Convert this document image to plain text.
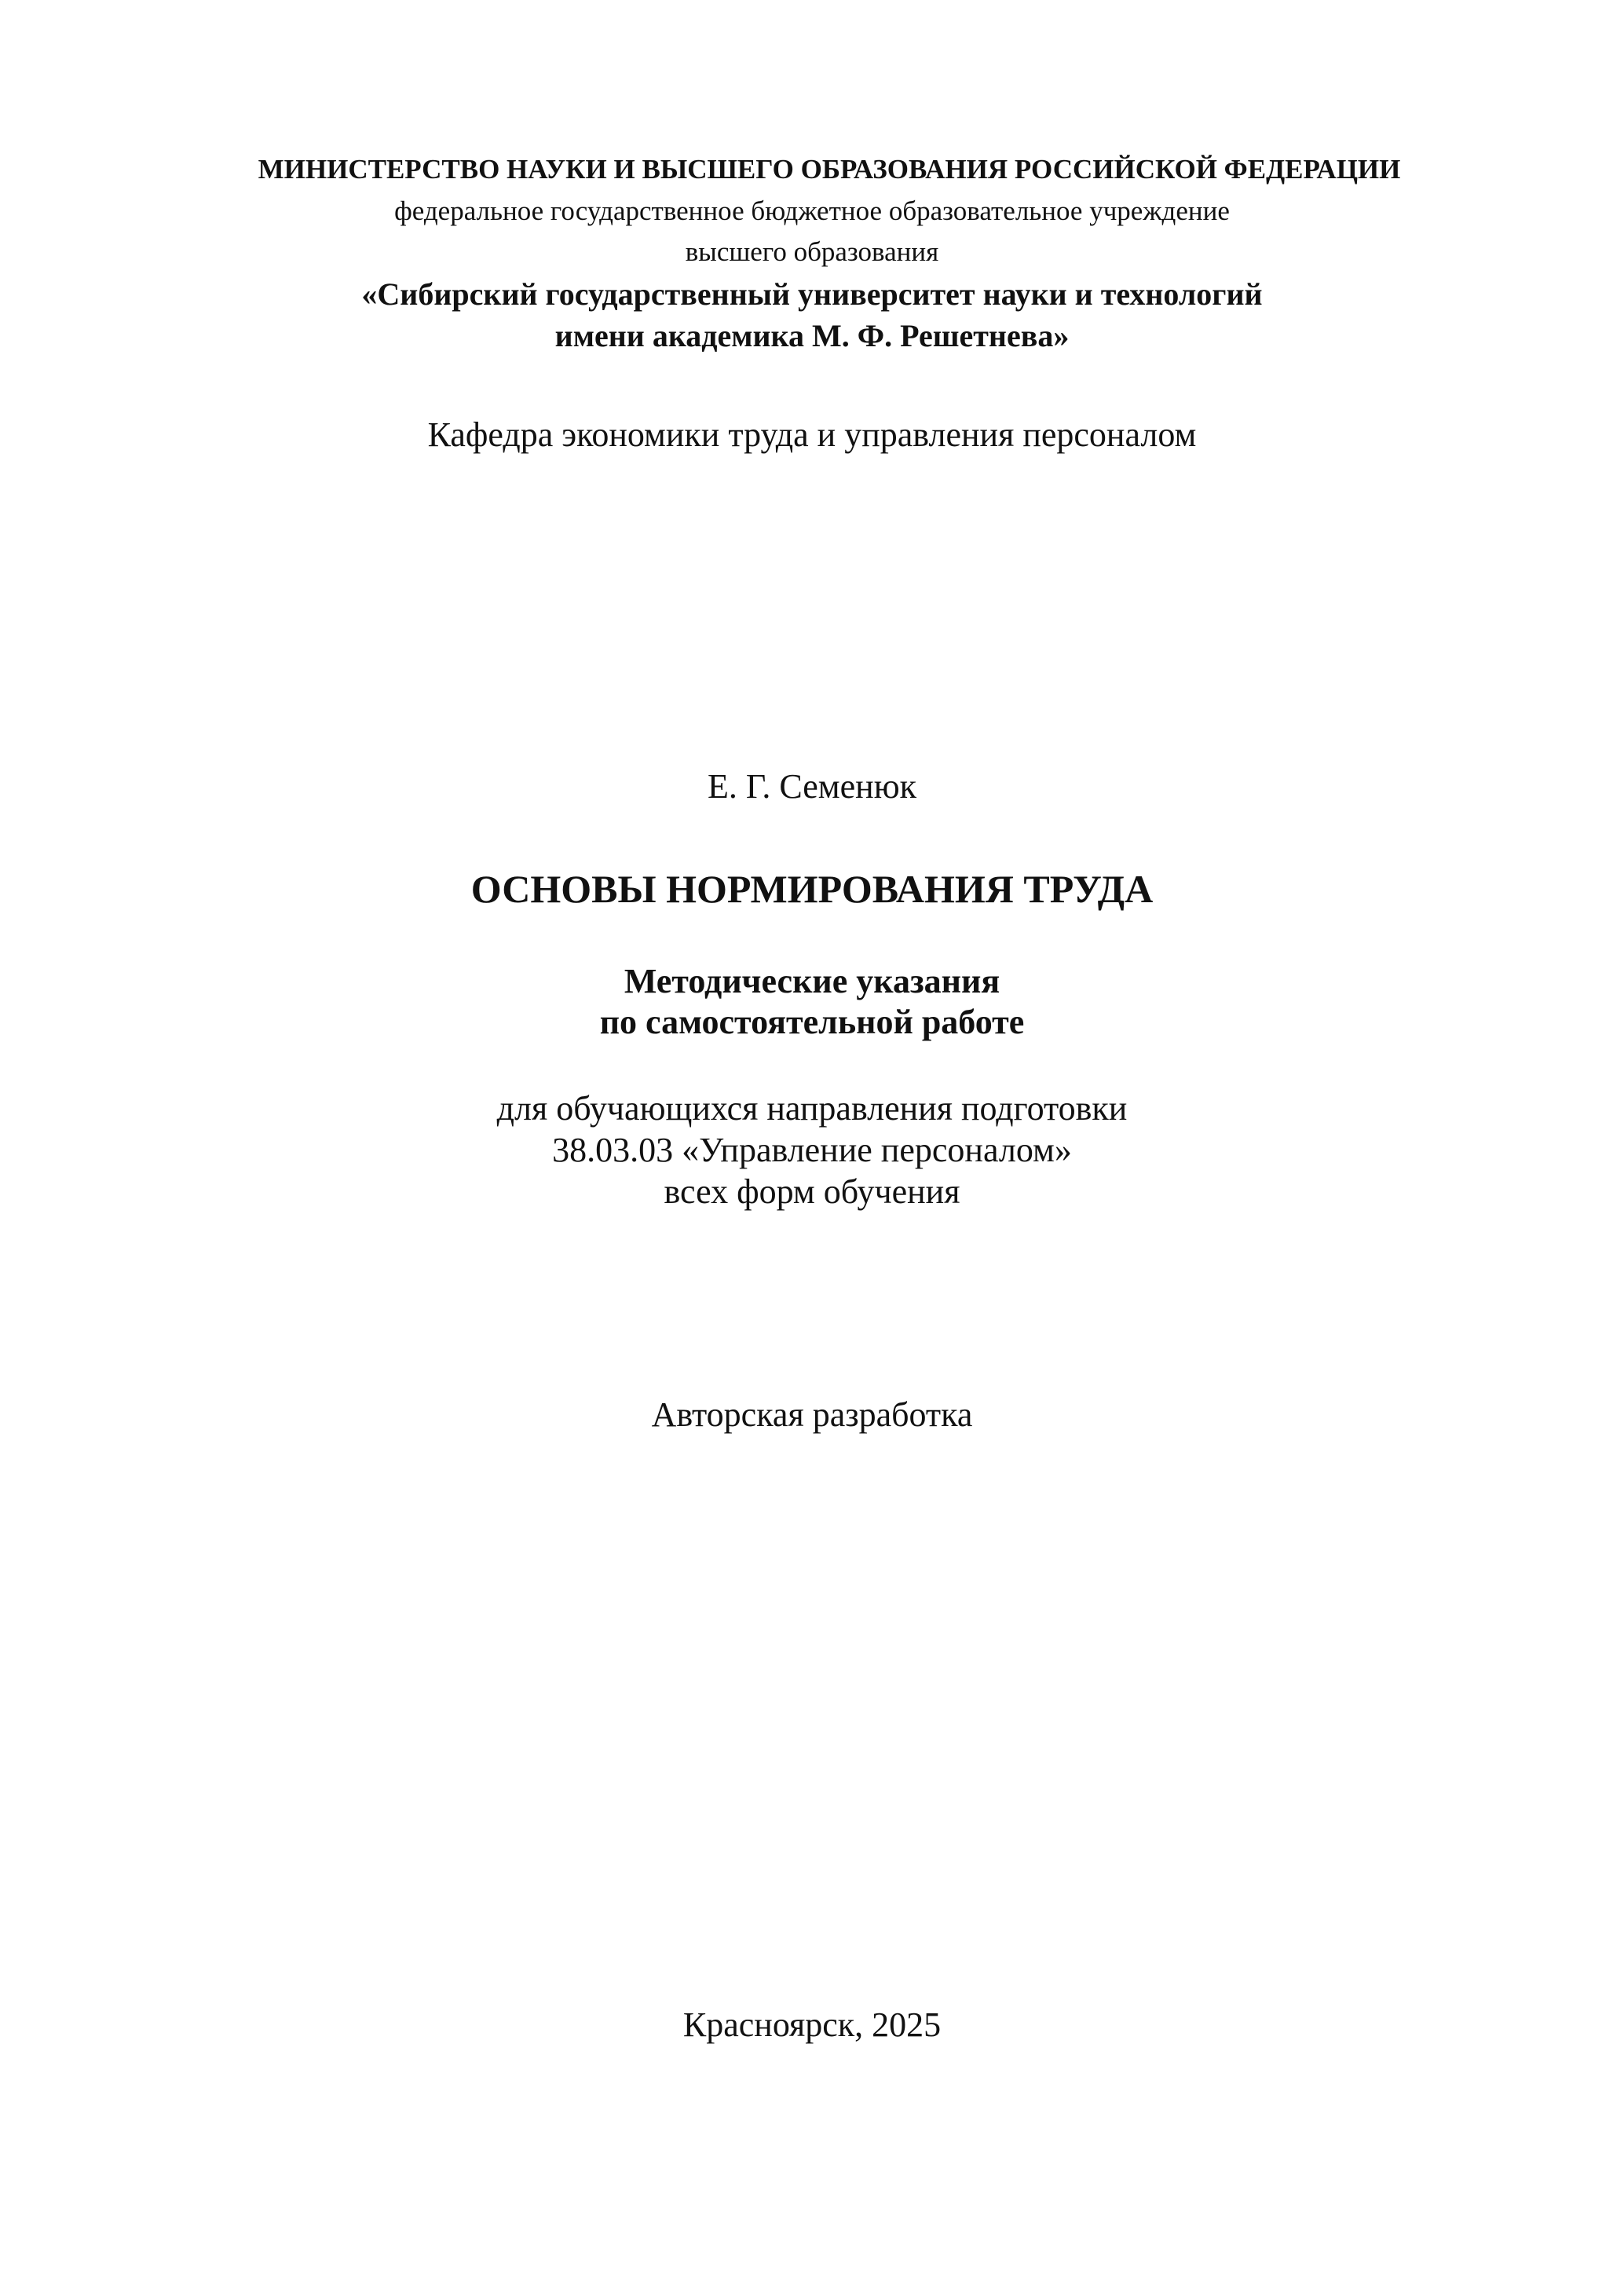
МИНИСТЕРСТВО НАУКИ И ВЫСШЕГО ОБРАЗОВАНИЯ РОССИЙСКОЙ ФЕДЕРАЦИИ
федеральное государственное бюджетное образовательное учреждение
высшего образования
«Сибирский государственный университет науки и технологий
имени академика М. Ф. Решетнева»
Кафедра экономики труда и управления персоналом
Е. Г. Семенюк
ОСНОВЫ НОРМИРОВАНИЯ ТРУДА
Методические указания
по самостоятельной работе
для обучающихся направления подготовки
38.03.03 «Управление персоналом»
всех форм обучения
Авторская разработка
Красноярск, 2025
